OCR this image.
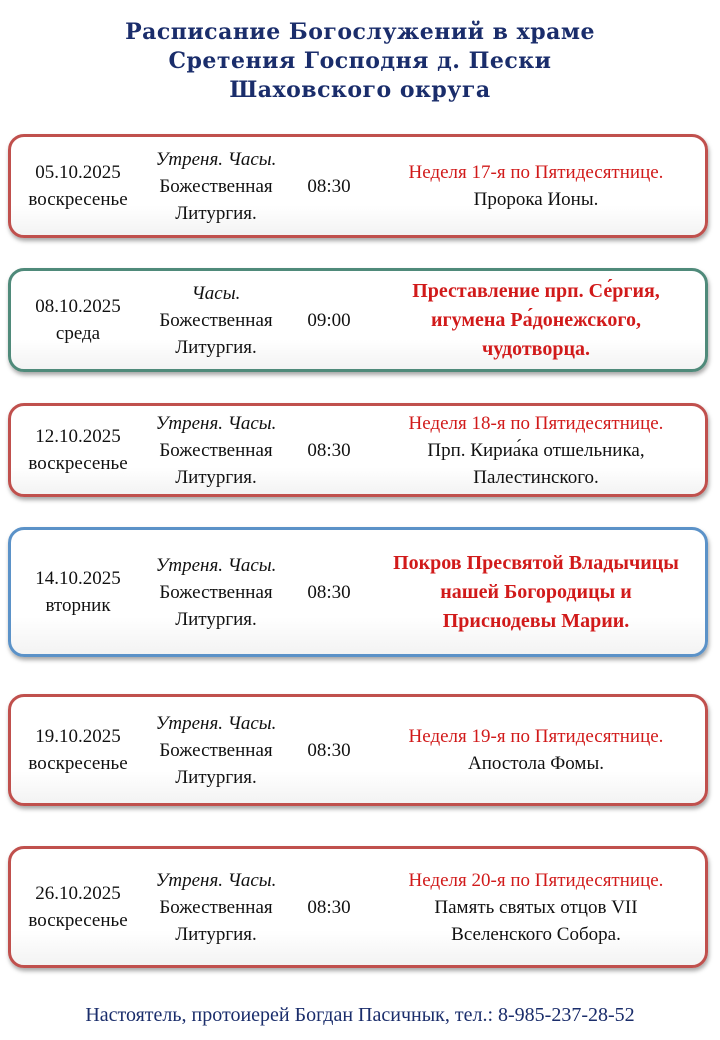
Расписание Богослужений в храме
Сретения Господня д. Пески
Шаховского округа
05.10.2025
воскресенье
Утреня. Часы.
Божественная
Литургия.
08:30
Неделя 17-я по Пятидесятнице.
Пророка Ионы.
08.10.2025
среда
Часы.
Божественная
Литургия.
09:00
Преставление прп. Се́ргия,
игумена Ра́донежского,
чудотворца.
12.10.2025
воскресенье
Утреня. Часы.
Божественная
Литургия.
08:30
Неделя 18-я по Пятидесятнице.
Прп. Кириа́ка отшельника,
Палестинского.
14.10.2025
вторник
Утреня. Часы.
Божественная
Литургия.
08:30
Покров Пресвятой Владычицы
нашей Богородицы и
Приснодевы Марии.
19.10.2025
воскресенье
Утреня. Часы.
Божественная
Литургия.
08:30
Неделя 19-я по Пятидесятнице.
Апостола Фомы.
26.10.2025
воскресенье
Утреня. Часы.
Божественная
Литургия.
08:30
Неделя 20-я по Пятидесятнице.
Память святых отцов VII
Вселенского Собора.
Настоятель, протоиерей Богдан Пасичнык, тел.: 8-985-237-28-52
